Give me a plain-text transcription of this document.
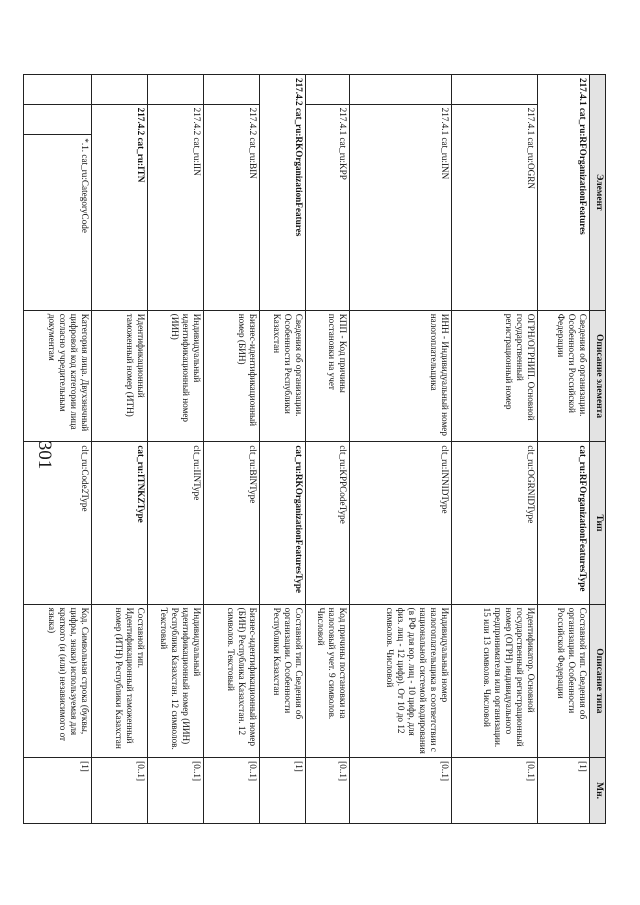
301
Элемент			Описание элемента	Тип	Описание типа	Мн.
217.4.1 cat_ru:RFOrganizationFeatures			Сведения об организации. Особенности Российской Федерации	cat_ru:RFOrganizationFeaturesType	Составной тип. Сведения об организации. Особенности Российской Федерации	[1]
	217.4.1 cat_ru:OGRN		ОГРН/ОГРНИП. Основной государственный регистрационный номер	clt_ru:OGRNIDType	Идентификатор. Основной государственный регистрационный номер (ОГРН) индивидуального предпринимателя или организации. 15 или 13 символов. Числовой	[0..1]
	217.4.1 cat_ru:INN		ИНН - Индивидуальный номер налогоплательщика	clt_ru:INNIDType	Индивидуальный номер налогоплательщика в соответствии с национальной системой кодирования (в РФ для юр. лиц - 10 цифр, для физ. лиц - 12 цифр). От 10 до 12 символов. Числовой	[0..1]
	217.4.1 cat_ru:KPP		КПП - Код причины постановки на учет	clt_ru:KPPCodeType	Код причины постановки на налоговый учет. 9 символов. Числовой	[0..1]
217.4.2 cat_ru:RKOrganizationFeatures			Сведения об организации. Особенности Республики Казахстан	cat_ru:RKOrganizationFeaturesType	Составной тип. Сведения об организации. Особенности Республики Казахстан	[1]
	217.4.2 cat_ru:BIN		Бизнес-идентификационный номер (БИН)	clt_ru:BINType	Бизнес-идентификационный номер (БИН) Республика Казахстан. 12 символов. Текстовый	[0..1]
	217.4.2 cat_ru:IIN		Индивидуальный идентификационный номер (ИИН)	clt_ru:IINType	Индивидуальный идентификационный номер (ИИН) Республика Казахстан. 12 символов. Текстовый	[0..1]
	217.4.2 cat_ru:ITN		Идентификационный таможенный номер (ИТН)	cat_ru:ITNKZType	Составной тип. Идентификационный таможенный номер (ИТН) Республики Казахстан	[0..1]
		*.1. cat_ru:CategoryCode	Категория лица. Двухзначный цифровой код категории лица согласно учредительным документам	clt_ru:Code2Type	Код. Символьная строка (буквы, цифры, знаки) используемая для краткого (и (или) независимого от языка)	[1]
